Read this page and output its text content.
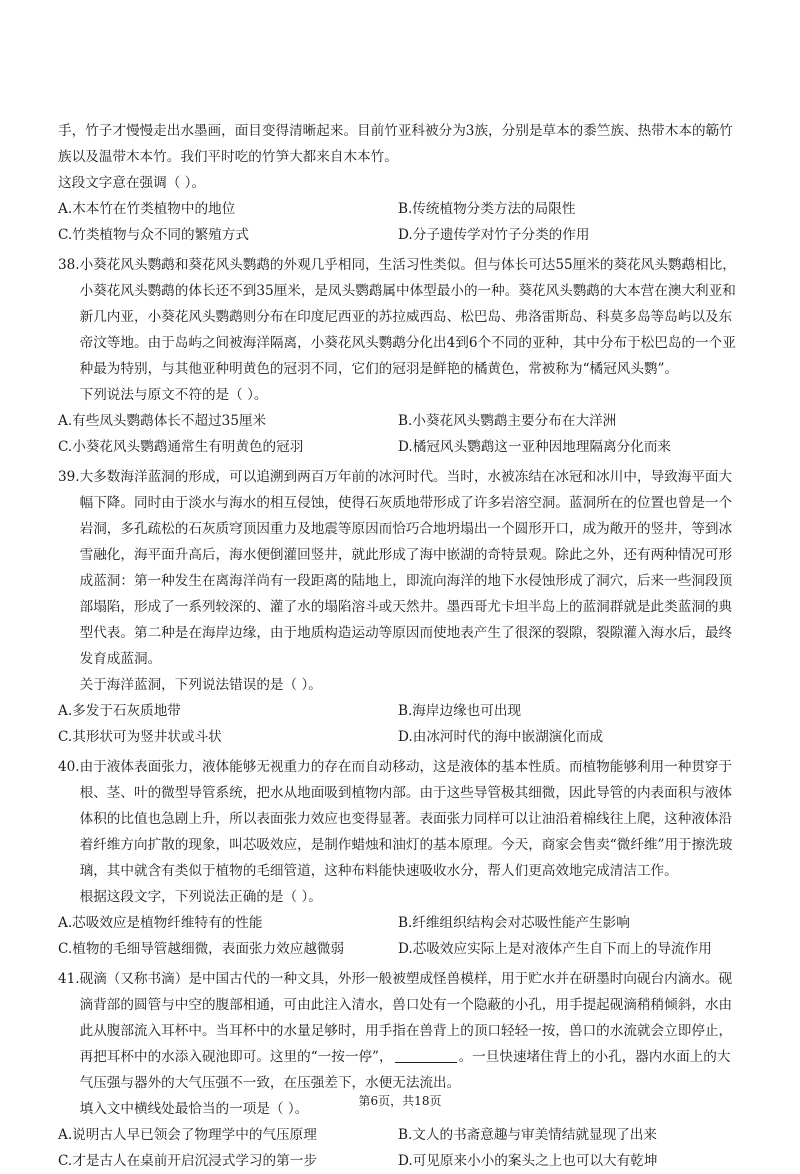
手，竹子才慢慢走出水墨画，面目变得清晰起来。目前竹亚科被分为3族，分别是草本的黍竺族、热带木本的簕竹族以及温带木本竹。我们平时吃的竹笋大都来自木本竹。
这段文字意在强调（ ）。
A.木本竹在竹类植物中的地位	B.传统植物分类方法的局限性
C.竹类植物与众不同的繁殖方式	D.分子遗传学对竹子分类的作用
38. 小葵花风头鹦鹉和葵花风头鹦鹉的外观几乎相同，生活习性类似。但与体长可达55厘米的葵花风头鹦鹉相比，小葵花风头鹦鹉的体长还不到35厘米，是凤头鹦鹉属中体型最小的一种。葵花风头鹦鹉的大本营在澳大利亚和新几内亚，小葵花风头鹦鹉则分布在印度尼西亚的苏拉威西岛、松巴岛、弗洛雷斯岛、科莫多岛等岛屿以及东帝汶等地。由于岛屿之间被海洋隔离，小葵花风头鹦鹉分化出4到6个不同的亚种，其中分布于松巴岛的一个亚种最为特别，与其他亚种明黄色的冠羽不同，它们的冠羽是鲜艳的橘黄色，常被称为“橘冠风头鹦”。
下列说法与原文不符的是（ ）。
A.有些凤头鹦鹉体长不超过35厘米	B.小葵花风头鹦鹉主要分布在大洋洲
C.小葵花风头鹦鹉通常生有明黄色的冠羽	D.橘冠风头鹦鹉这一亚种因地理隔离分化而来
39. 大多数海洋蓝洞的形成，可以追溯到两百万年前的冰河时代。当时，水被冻结在冰冠和冰川中，导致海平面大幅下降。同时由于淡水与海水的相互侵蚀，使得石灰质地带形成了许多岩溶空洞。蓝洞所在的位置也曾是一个岩洞，多孔疏松的石灰质穹顶因重力及地震等原因而恰巧合地坍塌出一个圆形开口，成为敞开的竖井，等到冰雪融化，海平面升高后，海水便倒灌回竖井，就此形成了海中嵌湖的奇特景观。除此之外，还有两种情况可形成蓝洞：第一种发生在离海洋尚有一段距离的陆地上，即流向海洋的地下水侵蚀形成了洞穴，后来一些洞段顶部塌陷，形成了一系列较深的、灌了水的塌陷溶斗或天然井。墨西哥尤卡坦半岛上的蓝洞群就是此类蓝洞的典型代表。第二种是在海岸边缘，由于地质构造运动等原因而使地表产生了很深的裂隙，裂隙灌入海水后，最终发育成蓝洞。
关于海洋蓝洞，下列说法错误的是（ ）。
A.多发于石灰质地带	B.海岸边缘也可出现
C.其形状可为竖井状或斗状	D.由冰河时代的海中嵌湖演化而成
40. 由于液体表面张力，液体能够无视重力的存在而自动移动，这是液体的基本性质。而植物能够利用一种贯穿于根、茎、叶的微型导管系统，把水从地面吸到植物内部。由于这些导管极其细微，因此导管的内表面积与液体体积的比值也急剧上升，所以表面张力效应也变得显著。表面张力同样可以让油沿着棉线往上爬，这种液体沿着纤维方向扩散的现象，叫芯吸效应，是制作蜡烛和油灯的基本原理。今天，商家会售卖“微纤维”用于擦洗玻璃，其中就含有类似于植物的毛细管道，这种布料能快速吸收水分，帮人们更高效地完成清洁工作。
根据这段文字，下列说法正确的是（ ）。
A.芯吸效应是植物纤维特有的性能	B.纤维组织结构会对芯吸性能产生影响
C.植物的毛细导管越细微，表面张力效应越微弱	D.芯吸效应实际上是对液体产生自下而上的导流作用
41. 砚滴（又称书滴）是中国古代的一种文具，外形一般被塑成怪兽模样，用于贮水并在研墨时向砚台内滴水。砚滴背部的圆管与中空的腹部相通，可由此注入清水，兽口处有一个隐蔽的小孔，用手提起砚滴稍稍倾斜，水由此从腹部流入耳杯中。当耳杯中的水量足够时，用手指在兽背上的顶口轻轻一按，兽口的水流就会立即停止，再把耳杯中的水添入砚池即可。这里的“一按一停”，	。一旦快速堵住背上的小孔，器内水面上的大气压强与器外的大气压强不一致，在压强差下，水便无法流出。
填入文中横线处最恰当的一项是（ ）。
A.说明古人早已领会了物理学中的气压原理	B.文人的书斋意趣与审美情结就显现了出来
C.才是古人在桌前开启沉浸式学习的第一步	D.可见原来小小的案头之上也可以大有乾坤
第6页，共18页
